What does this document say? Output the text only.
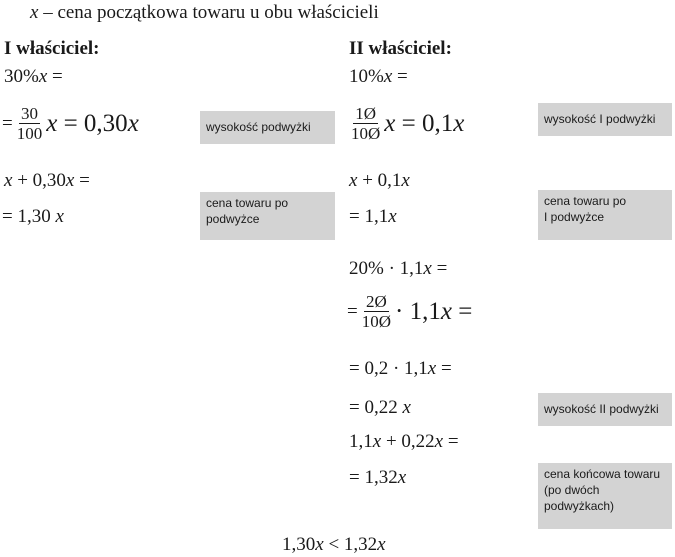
x – cena początkowa towaru u obu właścicieli
I właściciel:
30%x =
= $\frac{30}{100}$ x = 0,30x
x + 0,30x =
= 1,30 x
wysokość podwyżki
cena towaru po podwyżce
II właściciel:
10%x =
$\frac{1Ø}{10Ø}$ x = 0,1x
x + 0,1x
= 1,1x
20% · 1,1x =
= $\frac{2Ø}{10Ø} \cdot 1,1x$ =
= 0,2 · 1,1x =
= 0,22 x
1,1x + 0,22x =
= 1,32x
wysokość I podwyżki
cena towaru po I podwyżce
wysokość II podwyżki
cena końcowa towaru (po dwóch podwyżkach)
1,30x < 1,32x
